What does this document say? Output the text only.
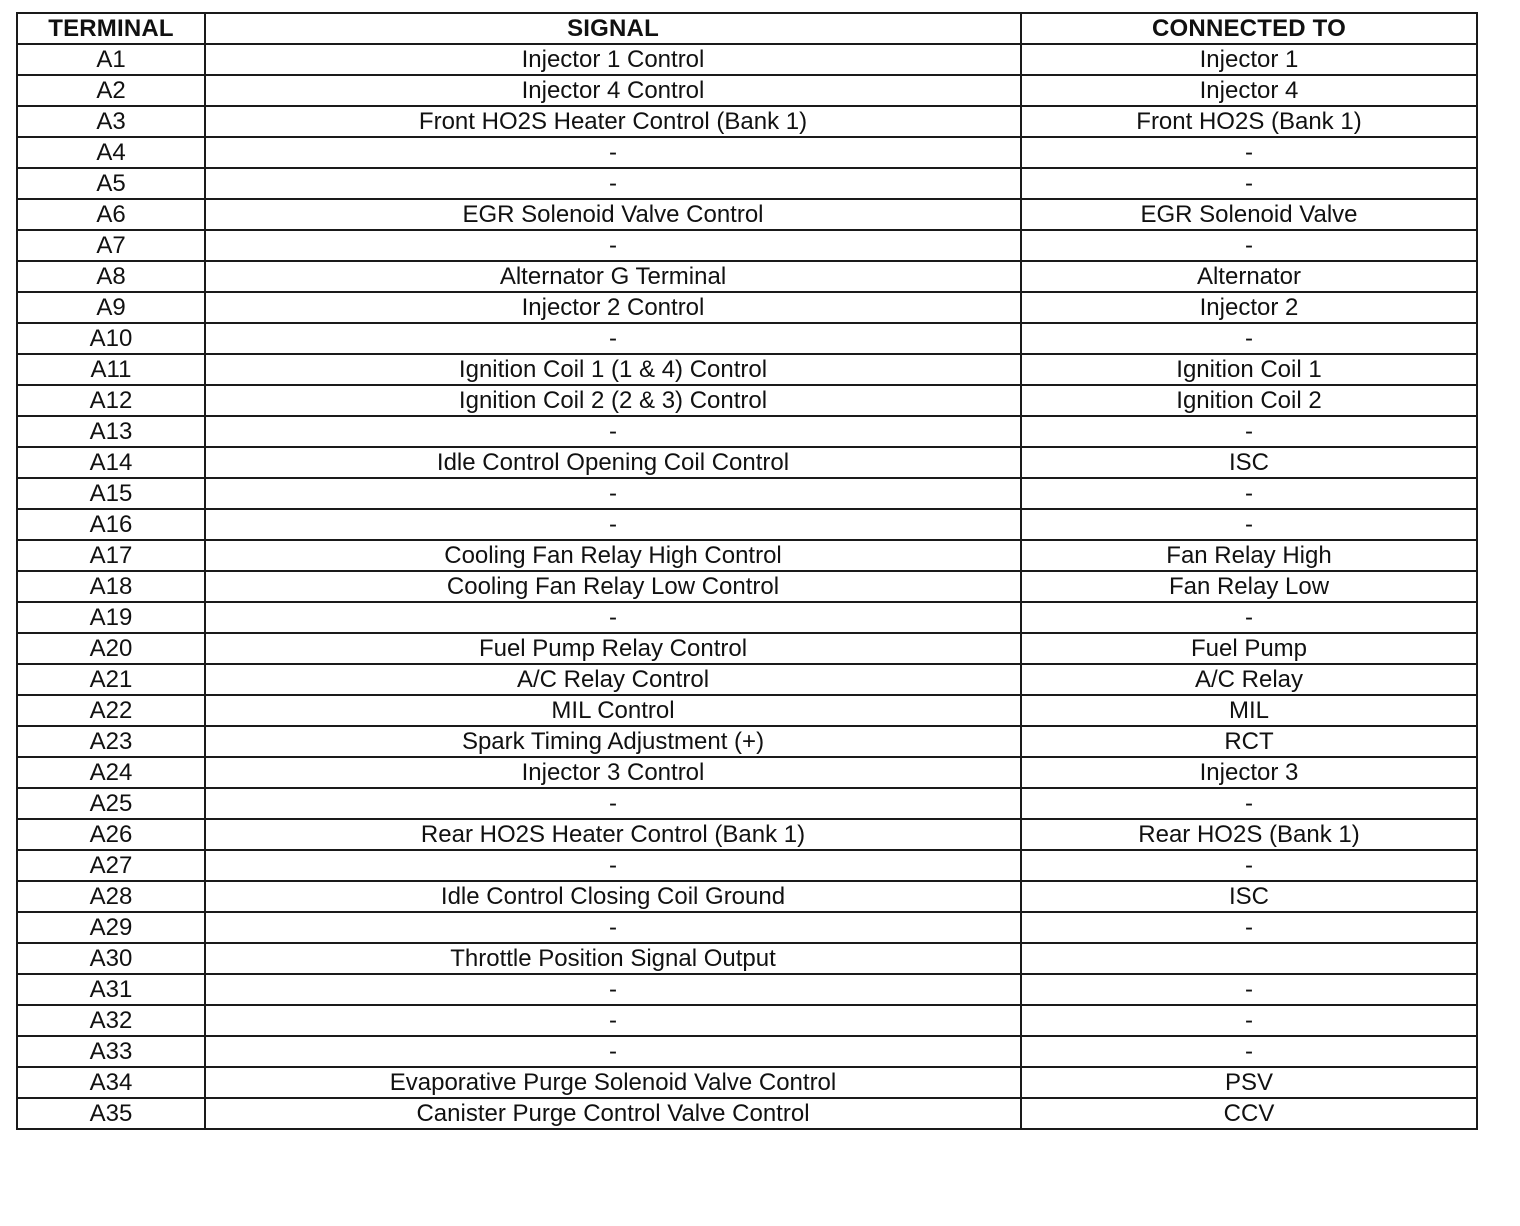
TERMINAL	SIGNAL	CONNECTED TO
A1	Injector 1 Control	Injector 1
A2	Injector 4 Control	Injector 4
A3	Front HO2S Heater Control (Bank 1)	Front HO2S (Bank 1)
A4	-	-
A5	-	-
A6	EGR Solenoid Valve Control	EGR Solenoid Valve
A7	-	-
A8	Alternator G Terminal	Alternator
A9	Injector 2 Control	Injector 2
A10	-	-
A11	Ignition Coil 1 (1 & 4) Control	Ignition Coil 1
A12	Ignition Coil 2 (2 & 3) Control	Ignition Coil 2
A13	-	-
A14	Idle Control Opening Coil Control	ISC
A15	-	-
A16	-	-
A17	Cooling Fan Relay High Control	Fan Relay High
A18	Cooling Fan Relay Low Control	Fan Relay Low
A19	-	-
A20	Fuel Pump Relay Control	Fuel Pump
A21	A/C Relay Control	A/C Relay
A22	MIL Control	MIL
A23	Spark Timing Adjustment (+)	RCT
A24	Injector 3 Control	Injector 3
A25	-	-
A26	Rear HO2S Heater Control (Bank 1)	Rear HO2S (Bank 1)
A27	-	-
A28	Idle Control Closing Coil Ground	ISC
A29	-	-
A30	Throttle Position Signal Output	
A31	-	-
A32	-	-
A33	-	-
A34	Evaporative Purge Solenoid Valve Control	PSV
A35	Canister Purge Control Valve Control	CCV
